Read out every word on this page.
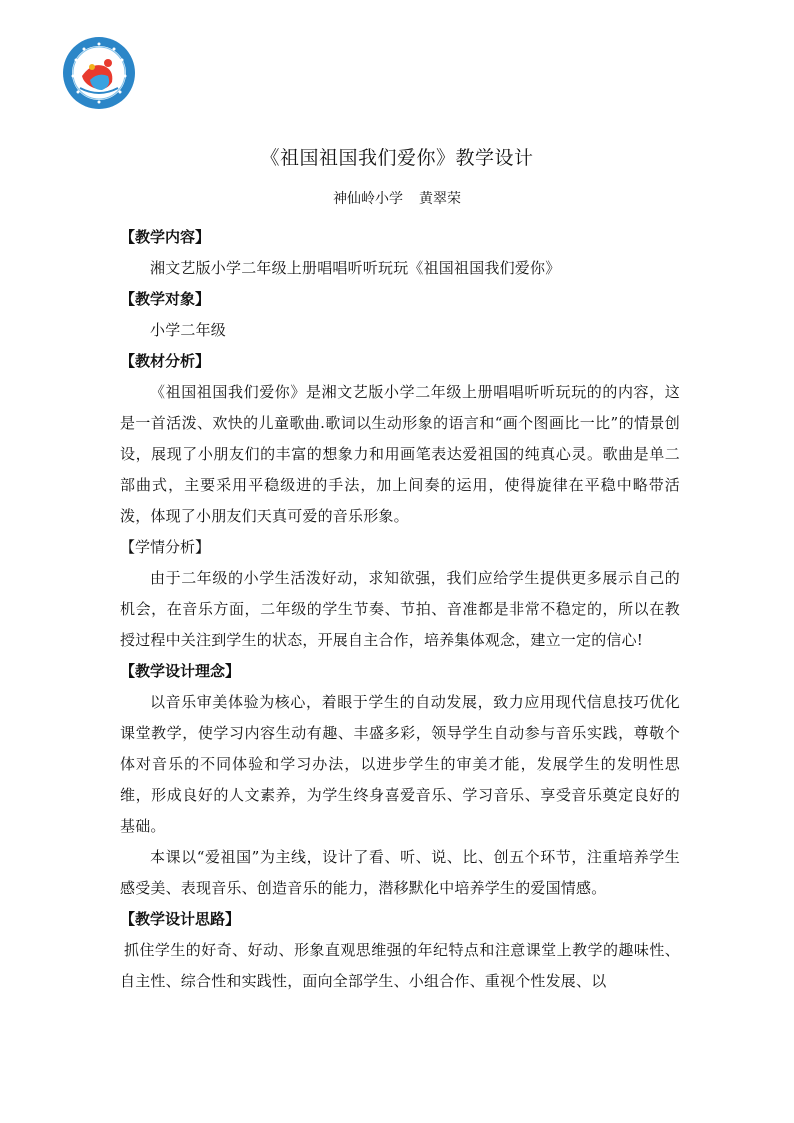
《祖国祖国我们爱你》教学设计
神仙岭小学 黄翠荣
【教学内容】
湘文艺版小学二年级上册唱唱听听玩玩《祖国祖国我们爱你》
【教学对象】
小学二年级
【教材分析】
《祖国祖国我们爱你》是湘文艺版小学二年级上册唱唱听听玩玩的的内容，这是一首活泼、欢快的儿童歌曲.歌词以生动形象的语言和“画个图画比一比”的情景创设，展现了小朋友们的丰富的想象力和用画笔表达爱祖国的纯真心灵。歌曲是单二部曲式，主要采用平稳级进的手法，加上间奏的运用，使得旋律在平稳中略带活泼，体现了小朋友们天真可爱的音乐形象。
【学情分析】
由于二年级的小学生活泼好动，求知欲强，我们应给学生提供更多展示自己的机会，在音乐方面，二年级的学生节奏、节拍、音准都是非常不稳定的，所以在教授过程中关注到学生的状态，开展自主合作，培养集体观念，建立一定的信心!
【教学设计理念】
以音乐审美体验为核心，着眼于学生的自动发展，致力应用现代信息技巧优化课堂教学，使学习内容生动有趣、丰盛多彩，领导学生自动参与音乐实践，尊敬个体对音乐的不同体验和学习办法，以进步学生的审美才能，发展学生的发明性思维，形成良好的人文素养，为学生终身喜爱音乐、学习音乐、享受音乐奠定良好的基础。
本课以“爱祖国”为主线，设计了看、听、说、比、创五个环节，注重培养学生感受美、表现音乐、创造音乐的能力，潜移默化中培养学生的爱国情感。
【教学设计思路】
抓住学生的好奇、好动、形象直观思维强的年纪特点和注意课堂上教学的趣味性、自主性、综合性和实践性，面向全部学生、小组合作、重视个性发展、以
